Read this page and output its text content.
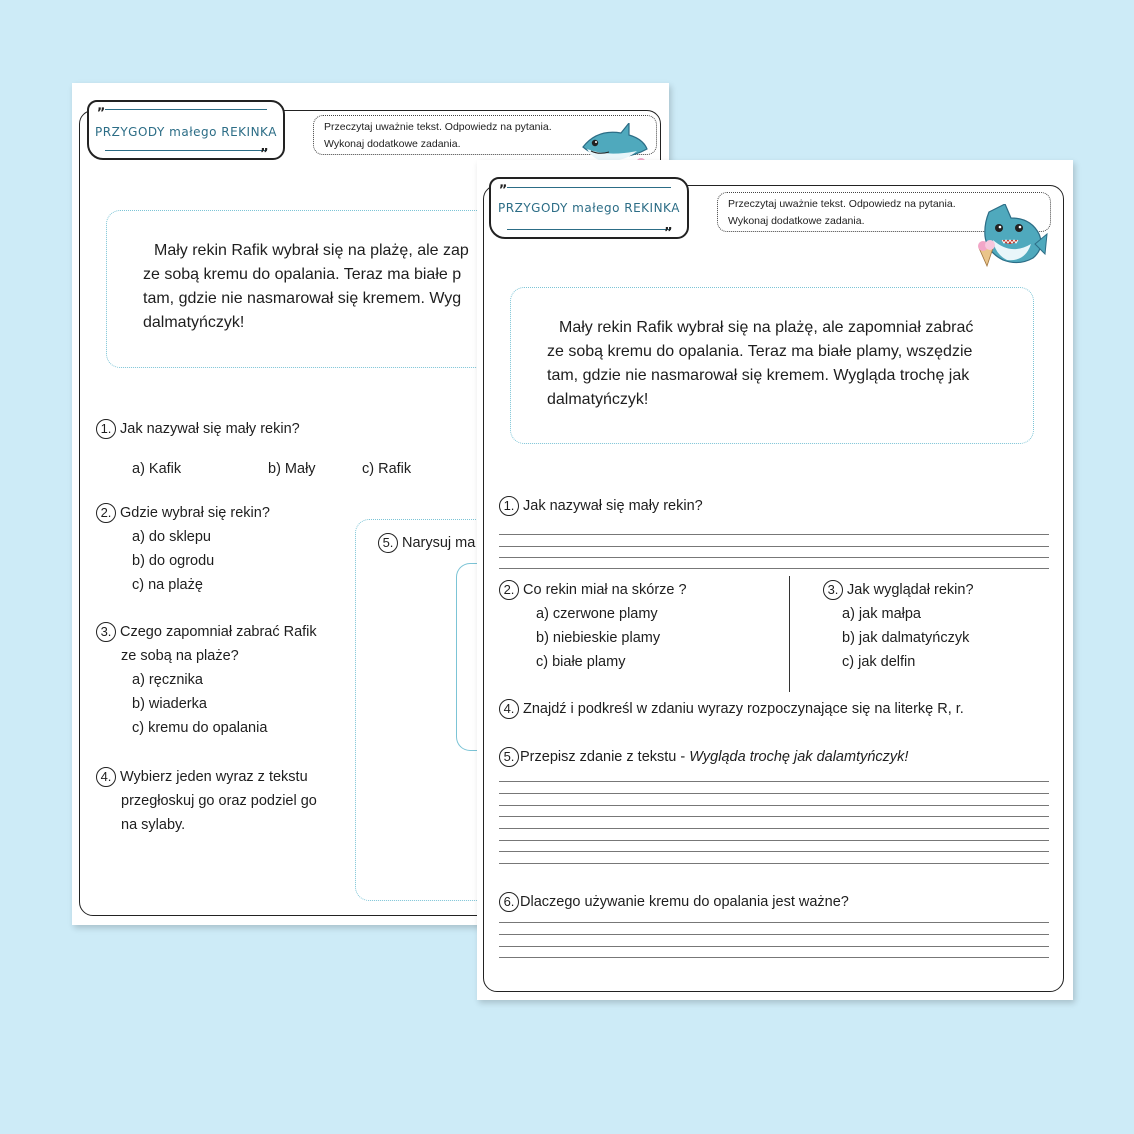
„
PRZYGODY małego REKINKA
”
Przeczytaj uważnie tekst. Odpowiedz na pytania.
Wykonaj dodatkowe zadania.
Mały rekin Rafik wybrał się na plażę, ale zap
ze sobą kremu do opalania. Teraz ma białe p
tam, gdzie nie nasmarował się kremem. Wyg
dalmatyńczyk!
1. Jak nazywał się mały rekin?
a) Kafik	b) Mały	c) Rafik
2. Gdzie wybrał się rekin?
a) do sklepu
b) do ogrodu
c) na plażę
3. Czego zapomniał zabrać Rafik
ze sobą na plaże?
a) ręcznika
b) wiaderka
c) kremu do opalania
4. Wybierz jeden wyraz z tekstu
przegłoskuj go oraz podziel go
na sylaby.
5. Narysuj ma
„
PRZYGODY małego REKINKA
”
Przeczytaj uważnie tekst. Odpowiedz na pytania.
Wykonaj dodatkowe zadania.
Mały rekin Rafik wybrał się na plażę, ale zapomniał zabrać
ze sobą kremu do opalania. Teraz ma białe plamy, wszędzie
tam, gdzie nie nasmarował się kremem. Wygląda trochę jak
dalmatyńczyk!
1. Jak nazywał się mały rekin?
2. Co rekin miał na skórze ?
a) czerwone plamy
b) niebieskie plamy
c) białe plamy
3. Jak wyglądał rekin?
a) jak małpa
b) jak dalmatyńczyk
c) jak delfin
4. Znajdź i podkreśl w zdaniu wyrazy rozpoczynające się na literkę R, r.
5. Przepisz zdanie z tekstu - Wygląda trochę jak dalamtyńczyk!
6. Dlaczego używanie kremu do opalania jest ważne?
